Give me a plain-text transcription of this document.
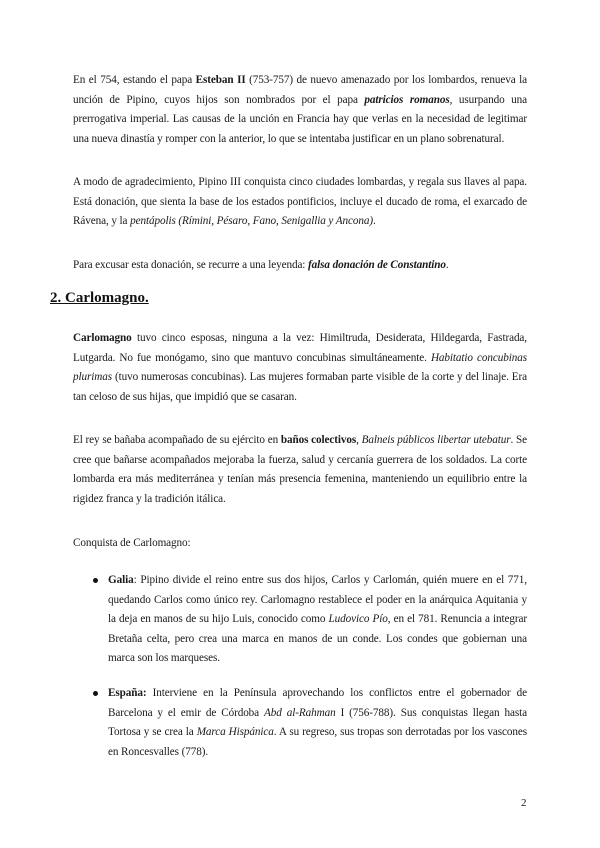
En el 754, estando el papa Esteban II (753-757) de nuevo amenazado por los lombardos, renueva la unción de Pipino, cuyos hijos son nombrados por el papa patricios romanos, usurpando una prerrogativa imperial. Las causas de la unción en Francia hay que verlas en la necesidad de legitimar una nueva dinastía y romper con la anterior, lo que se intentaba justificar en un plano sobrenatural.

A modo de agradecimiento, Pipino III conquista cinco ciudades lombardas, y regala sus llaves al papa. Está donación, que sienta la base de los estados pontificios, incluye el ducado de roma, el exarcado de Rávena, y la pentápolis (Rímini, Pésaro, Fano, Senigallia y Ancona).

Para excusar esta donación, se recurre a una leyenda: falsa donación de Constantino.

2. Carlomagno.

Carlomagno tuvo cinco esposas, ninguna a la vez: Himiltruda, Desiderata, Hildegarda, Fastrada, Lutgarda. No fue monógamo, sino que mantuvo concubinas simultáneamente. Habitatio concubinas plurimas (tuvo numerosas concubinas). Las mujeres formaban parte visible de la corte y del linaje. Era tan celoso de sus hijas, que impidió que se casaran.

El rey se bañaba acompañado de su ejército en baños colectivos, Balneis públicos libertar utebatur. Se cree que bañarse acompañados mejoraba la fuerza, salud y cercanía guerrera de los soldados. La corte lombarda era más mediterránea y tenían más presencia femenina, manteniendo un equilibrio entre la rigidez franca y la tradición itálica.

Conquista de Carlomagno:

Galia: Pipino divide el reino entre sus dos hijos, Carlos y Carlomán, quién muere en el 771, quedando Carlos como único rey. Carlomagno restablece el poder en la anárquica Aquitania y la deja en manos de su hijo Luis, conocido como Ludovico Pío, en el 781. Renuncia a integrar Bretaña celta, pero crea una marca en manos de un conde. Los condes que gobiernan una marca son los marqueses.

España: Interviene en la Península aprovechando los conflictos entre el gobernador de Barcelona y el emir de Córdoba Abd al-Rahman I (756-788). Sus conquistas llegan hasta Tortosa y se crea la Marca Hispánica. A su regreso, sus tropas son derrotadas por los vascones en Roncesvalles (778).

2
